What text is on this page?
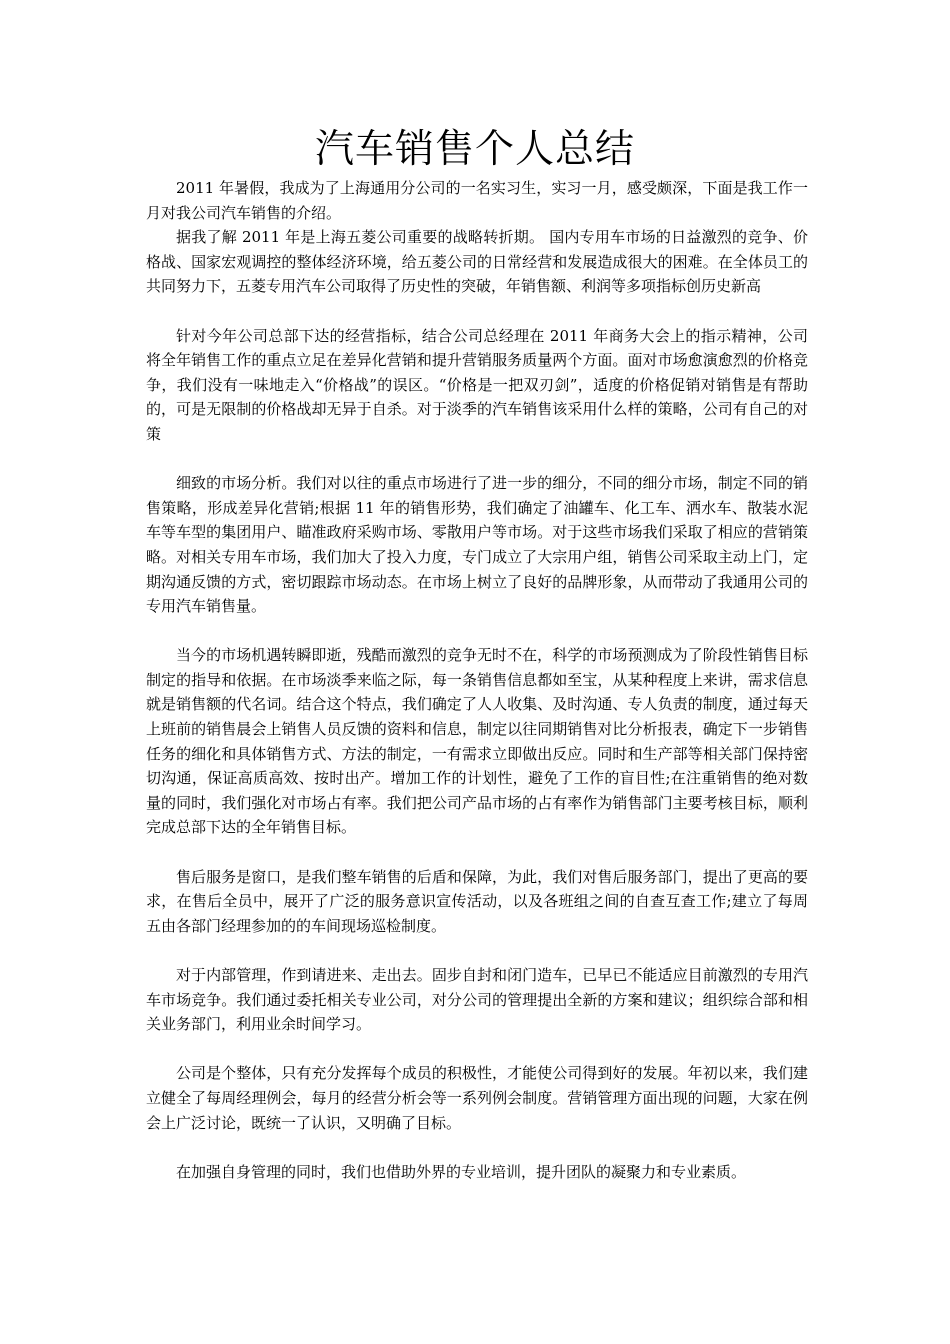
汽车销售个人总结

2011 年暑假，我成为了上海通用分公司的一名实习生，实习一月，感受颇深，下面是我工作一月对我公司汽车销售的介绍。

据我了解 2011 年是上海五菱公司重要的战略转折期。 国内专用车市场的日益激烈的竞争、价格战、国家宏观调控的整体经济环境，给五菱公司的日常经营和发展造成很大的困难。在全体员工的共同努力下，五菱专用汽车公司取得了历史性的突破，年销售额、利润等多项指标创历史新高

针对今年公司总部下达的经营指标，结合公司总经理在 2011 年商务大会上的指示精神，公司将全年销售工作的重点立足在差异化营销和提升营销服务质量两个方面。面对市场愈演愈烈的价格竞争，我们没有一味地走入“价格战”的误区。“价格是一把双刃剑”，适度的价格促销对销售是有帮助的，可是无限制的价格战却无异于自杀。对于淡季的汽车销售该采用什么样的策略，公司有自己的对策

细致的市场分析。我们对以往的重点市场进行了进一步的细分，不同的细分市场，制定不同的销售策略，形成差异化营销;根据 11 年的销售形势，我们确定了油罐车、化工车、洒水车、散装水泥车等车型的集团用户、瞄准政府采购市场、零散用户等市场。对于这些市场我们采取了相应的营销策略。对相关专用车市场，我们加大了投入力度，专门成立了大宗用户组，销售公司采取主动上门，定期沟通反馈的方式，密切跟踪市场动态。在市场上树立了良好的品牌形象，从而带动了我通用公司的专用汽车销售量。

当今的市场机遇转瞬即逝，残酷而激烈的竞争无时不在，科学的市场预测成为了阶段性销售目标制定的指导和依据。在市场淡季来临之际，每一条销售信息都如至宝，从某种程度上来讲，需求信息就是销售额的代名词。结合这个特点，我们确定了人人收集、及时沟通、专人负责的制度，通过每天上班前的销售晨会上销售人员反馈的资料和信息，制定以往同期销售对比分析报表，确定下一步销售任务的细化和具体销售方式、方法的制定，一有需求立即做出反应。同时和生产部等相关部门保持密切沟通，保证高质高效、按时出产。增加工作的计划性，避免了工作的盲目性;在注重销售的绝对数量的同时，我们强化对市场占有率。我们把公司产品市场的占有率作为销售部门主要考核目标，顺利完成总部下达的全年销售目标。

售后服务是窗口，是我们整车销售的后盾和保障，为此，我们对售后服务部门，提出了更高的要求，在售后全员中，展开了广泛的服务意识宣传活动，以及各班组之间的自查互查工作;建立了每周五由各部门经理参加的的车间现场巡检制度。

对于内部管理，作到请进来、走出去。固步自封和闭门造车，已早已不能适应目前激烈的专用汽车市场竞争。我们通过委托相关专业公司，对分公司的管理提出全新的方案和建议；组织综合部和相关业务部门，利用业余时间学习。

公司是个整体，只有充分发挥每个成员的积极性，才能使公司得到好的发展。年初以来，我们建立健全了每周经理例会，每月的经营分析会等一系列例会制度。营销管理方面出现的问题，大家在例会上广泛讨论，既统一了认识，又明确了目标。

在加强自身管理的同时，我们也借助外界的专业培训，提升团队的凝聚力和专业素质。
